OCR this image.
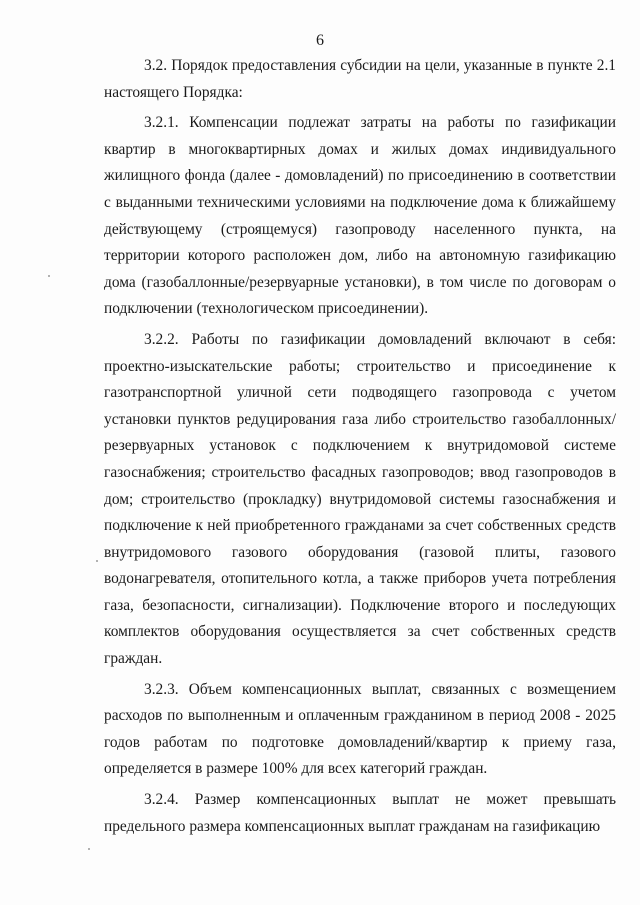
6

3.2. Порядок предоставления субсидии на цели, указанные в пункте 2.1 настоящего Порядка:

3.2.1. Компенсации подлежат затраты на работы по газификации квартир в многоквартирных домах и жилых домах индивидуального жилищного фонда (далее - домовладений) по присоединению в соответствии с выданными техническими условиями на подключение дома к ближайшему действующему (строящемуся) газопроводу населенного пункта, на территории которого расположен дом, либо на автономную газификацию дома (газобаллонные/резервуарные установки), в том числе по договорам о подключении (технологическом присоединении).

3.2.2. Работы по газификации домовладений включают в себя: проектно-изыскательские работы; строительство и присоединение к газотранспортной уличной сети подводящего газопровода с учетом установки пунктов редуцирования газа либо строительство газобаллонных/резервуарных установок с подключением к внутридомовой системе газоснабжения; строительство фасадных газопроводов; ввод газопроводов в дом; строительство (прокладку) внутридомовой системы газоснабжения и подключение к ней приобретенного гражданами за счет собственных средств внутридомового газового оборудования (газовой плиты, газового водонагревателя, отопительного котла, а также приборов учета потребления газа, безопасности, сигнализации). Подключение второго и последующих комплектов оборудования осуществляется за счет собственных средств граждан.

3.2.3. Объем компенсационных выплат, связанных с возмещением расходов по выполненным и оплаченным гражданином в период 2008 - 2025 годов работам по подготовке домовладений/квартир к приему газа, определяется в размере 100% для всех категорий граждан.

3.2.4. Размер компенсационных выплат не может превышать предельного размера компенсационных выплат гражданам на газификацию
